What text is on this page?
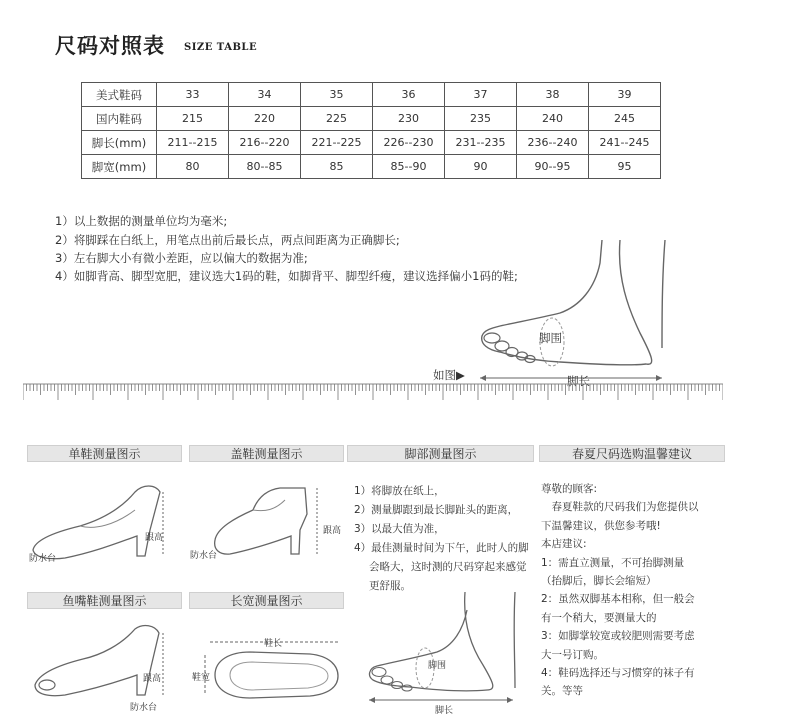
尺码对照表 SIZE TABLE
美式鞋码	33	34	35	36	37	38	39
国内鞋码	215	220	225	230	235	240	245
脚长(mm)	211--215	216--220	221--225	226--230	231--235	236--240	241--245
脚宽(mm)	80	80--85	85	85--90	90	90--95	95
1）以上数据的测量单位均为毫米;
2）将脚踩在白纸上，用笔点出前后最长点，两点间距离为正确脚长;
3）左右脚大小有微小差距，应以偏大的数据为准;
4）如脚背高、脚型宽肥，建议选大1码的鞋，如脚背平、脚型纤瘦，建议选择偏小1码的鞋;
脚围
脚长
如图▶
单鞋测量图示
跟高
防水台
盖鞋测量图示
跟高
防水台
鱼嘴鞋测量图示
跟高
防水台
长宽测量图示
鞋长
鞋宽
脚部测量图示
1）将脚放在纸上，
2）测量脚跟到最长脚趾头的距离，
3）以最大值为准，
4）最佳测量时间为下午，此时人的脚
会略大，这时测的尺码穿起来感觉
更舒服。
脚围
脚长
春夏尺码选购温馨建议
尊敬的顾客:
　春夏鞋款的尺码我们为您提供以
下温馨建议，供您参考哦!
本店建议:
1：需直立测量，不可抬脚测量
（抬脚后，脚长会缩短）
2：虽然双脚基本相称，但一般会
有一个稍大，要测量大的
3：如脚掌较宽或较肥则需要考虑
大一号订购。
4：鞋码选择还与习惯穿的袜子有
关。等等
